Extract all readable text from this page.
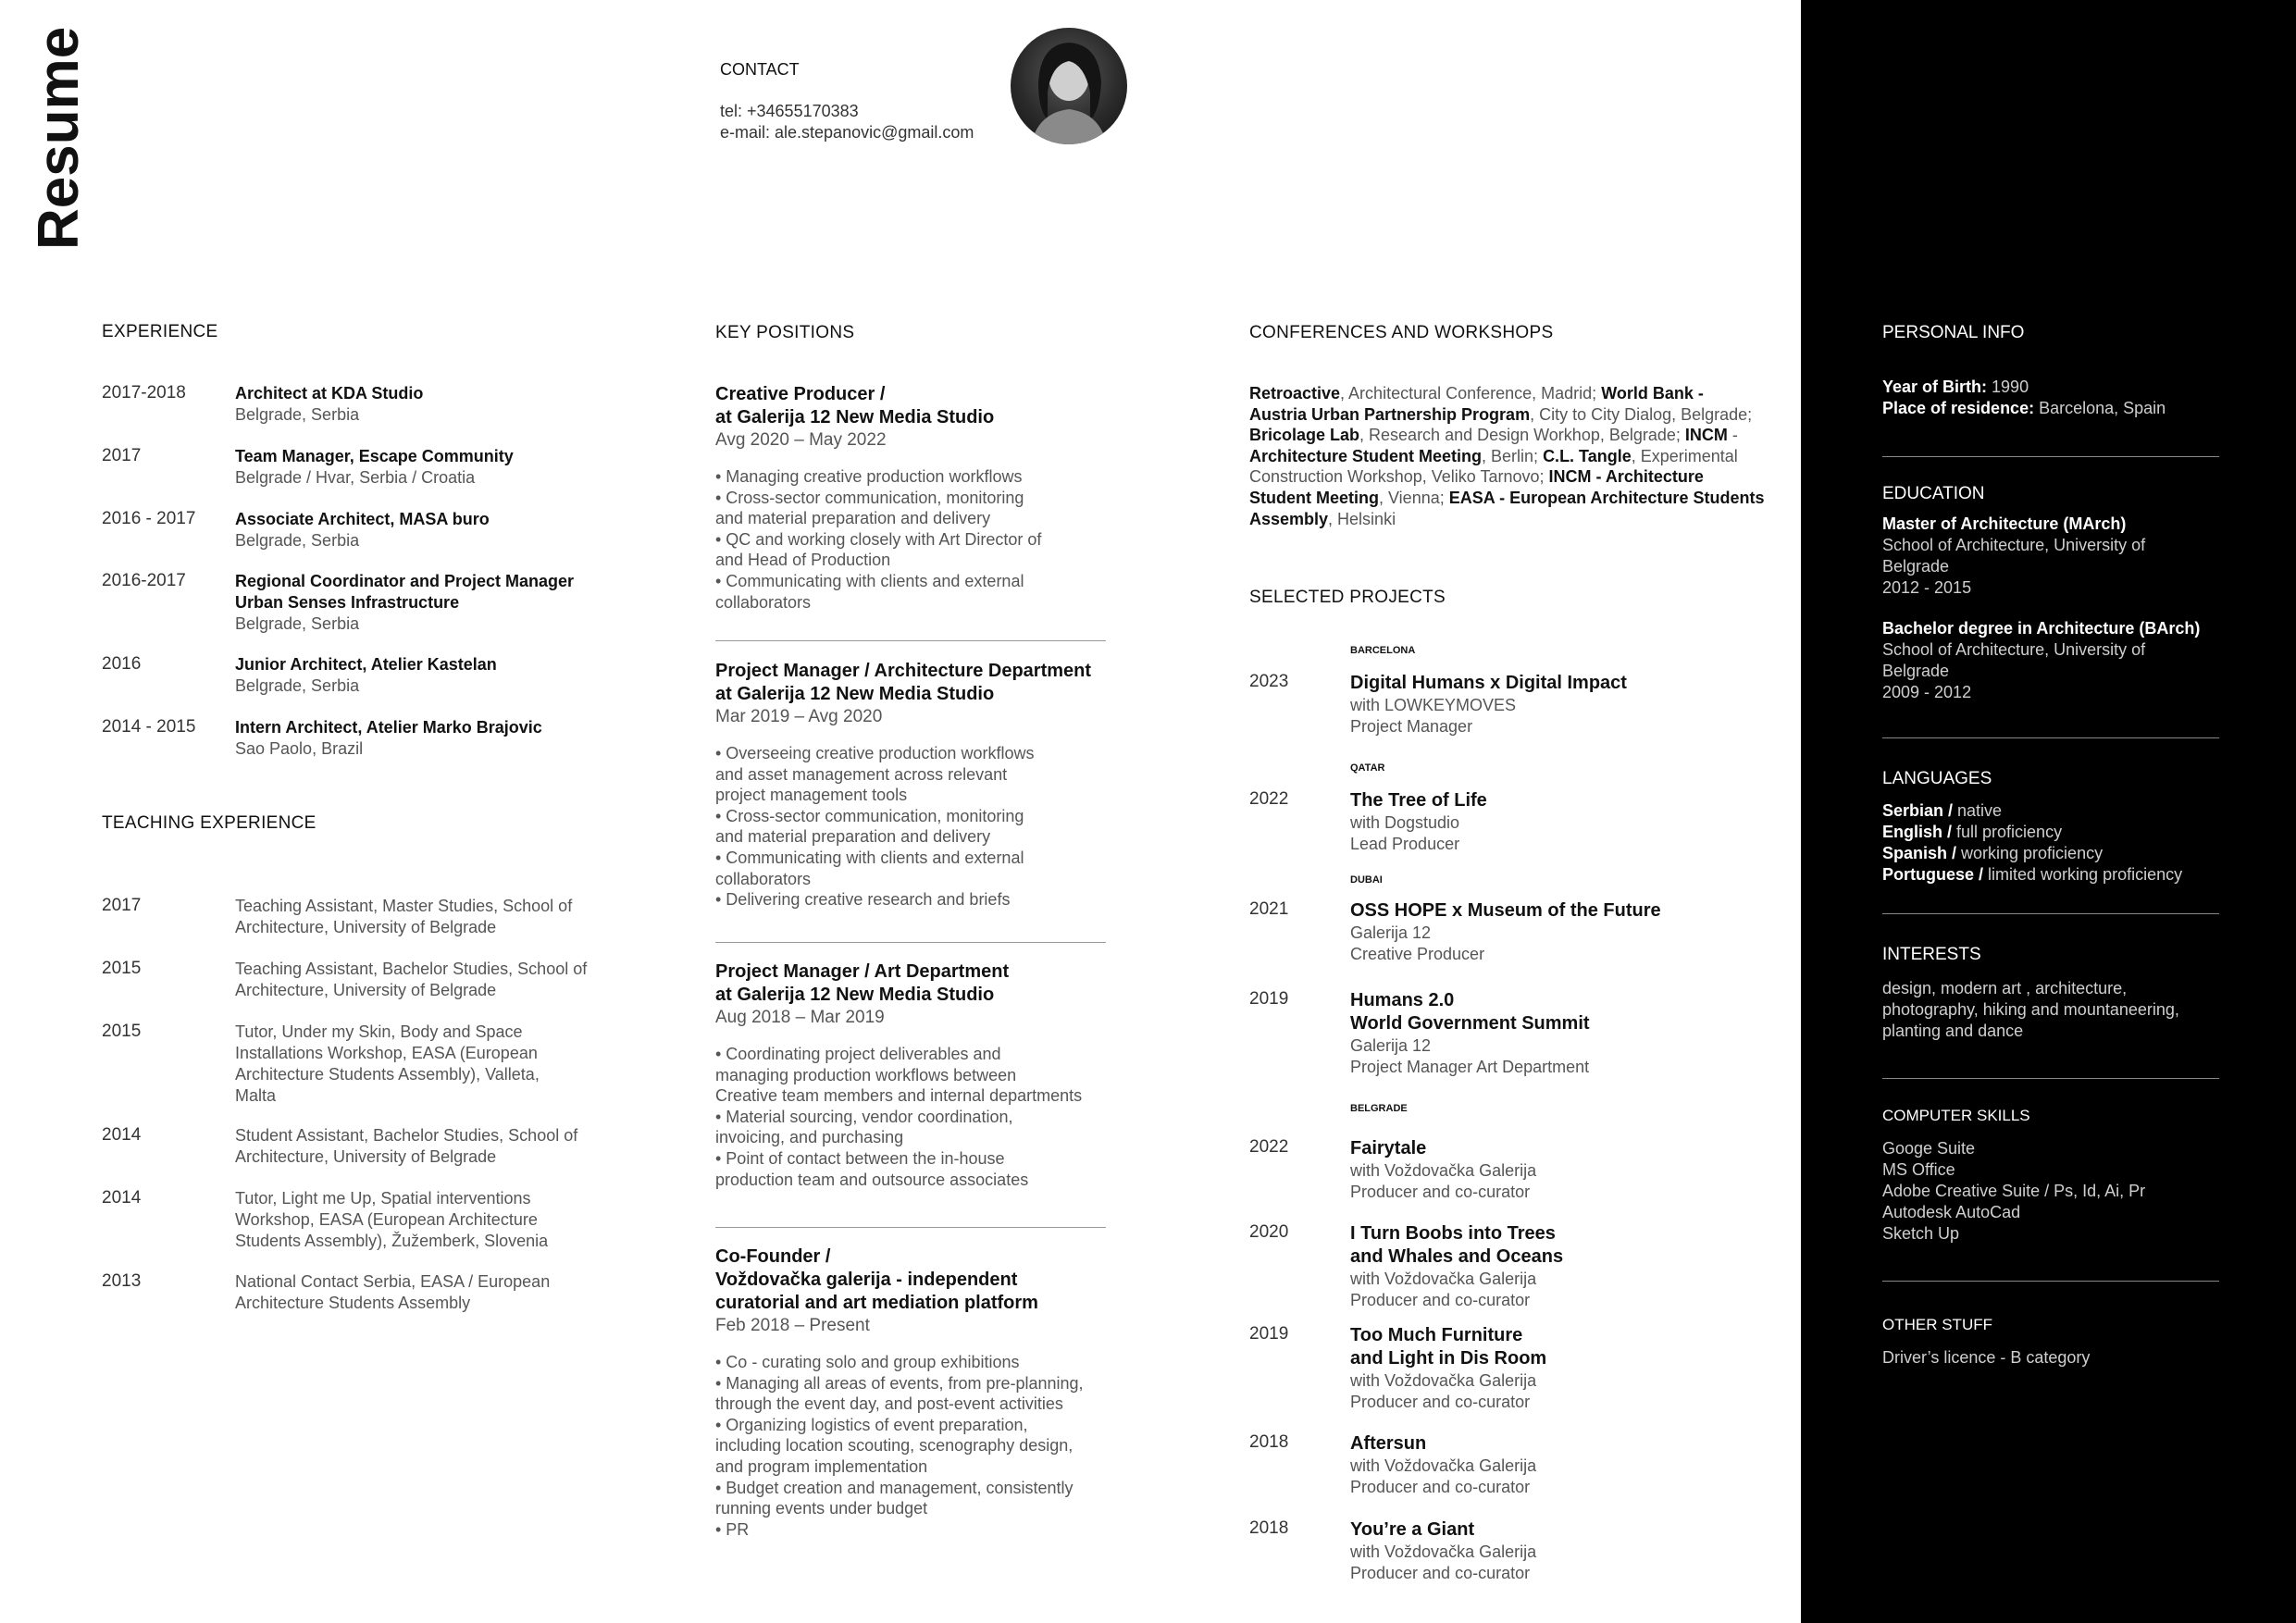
Resume	CONTACT
tel: +34655170383
e-mail: ale.stepanovic@gmail.com
EXPERIENCE
2017-2018	Architect at KDA Studio
Belgrade, Serbia
2017	Team Manager, Escape Community
Belgrade / Hvar, Serbia / Croatia
2016 - 2017	Associate Architect, MASA buro
Belgrade, Serbia
2016-2017	Regional Coordinator and Project Manager
Urban Senses Infrastructure
Belgrade, Serbia
2016	Junior Architect, Atelier Kastelan
Belgrade, Serbia
2014 - 2015	Intern Architect, Atelier Marko Brajovic
Sao Paolo, Brazil
TEACHING EXPERIENCE
2017	Teaching Assistant, Master Studies, School of
Architecture, University of Belgrade
2015	Teaching Assistant, Bachelor Studies, School of
Architecture, University of Belgrade
2015	Tutor, Under my Skin, Body and Space
Installations Workshop, EASA (European
Architecture Students Assembly), Valleta,
Malta
2014	Student Assistant, Bachelor Studies, School of
Architecture, University of Belgrade
2014	Tutor, Light me Up, Spatial interventions
Workshop, EASA (European Architecture
Students Assembly), Žužemberk, Slovenia
2013	National Contact Serbia, EASA / European
Architecture Students Assembly
KEY POSITIONS
Creative Producer /
at Galerija 12 New Media Studio
Avg 2020 – May 2022
• Managing creative production workflows
• Cross-sector communication, monitoring
and material preparation and delivery
• QC and working closely with Art Director of
and Head of Production
• Communicating with clients and external
collaborators
Project Manager / Architecture Department
at Galerija 12 New Media Studio
Mar 2019 – Avg 2020
• Overseeing creative production workflows
and asset management across relevant
project management tools
• Cross-sector communication, monitoring
and material preparation and delivery
• Communicating with clients and external
collaborators
• Delivering creative research and briefs
Project Manager / Art Department
at Galerija 12 New Media Studio
Aug 2018 – Mar 2019
• Coordinating project deliverables and
managing production workflows between
Creative team members and internal departments
• Material sourcing, vendor coordination,
invoicing, and purchasing
• Point of contact between the in-house
production team and outsource associates
Co-Founder /
Voždovačka galerija - independent
curatorial and art mediation platform
Feb 2018 – Present
• Co - curating solo and group exhibitions
• Managing all areas of events, from pre-planning,
through the event day, and post-event activities
• Organizing logistics of event preparation,
including location scouting, scenography design,
and program implementation
• Budget creation and management, consistently
running events under budget
• PR
CONFERENCES AND WORKSHOPS
Retroactive, Architectural Conference, Madrid; World Bank -
Austria Urban Partnership Program, City to City Dialog, Belgrade;
Bricolage Lab, Research and Design Workhop, Belgrade; INCM -
Architecture Student Meeting, Berlin; C.L. Tangle, Experimental
Construction Workshop, Veliko Tarnovo; INCM - Architecture
Student Meeting, Vienna; EASA - European Architecture Students
Assembly, Helsinki
SELECTED PROJECTS
BARCELONA
2023	Digital Humans x Digital Impact
with LOWKEYMOVES
Project Manager
QATAR
2022	The Tree of Life
with Dogstudio
Lead Producer
DUBAI
2021	OSS HOPE x Museum of the Future
Galerija 12
Creative Producer
2019	Humans 2.0
World Government Summit
Galerija 12
Project Manager Art Department
BELGRADE
2022	Fairytale
with Voždovačka Galerija
Producer and co-curator
2020	I Turn Boobs into Trees
and Whales and Oceans
with Voždovačka Galerija
Producer and co-curator
2019	Too Much Furniture
and Light in Dis Room
with Voždovačka Galerija
Producer and co-curator
2018	Aftersun
with Voždovačka Galerija
Producer and co-curator
2018	You’re a Giant
with Voždovačka Galerija
Producer and co-curator
PERSONAL INFO
Year of Birth: 1990
Place of residence: Barcelona, Spain
EDUCATION
Master of Architecture (MArch)
School of Architecture, University of
Belgrade
2012 - 2015
Bachelor degree in Architecture (BArch)
School of Architecture, University of
Belgrade
2009 - 2012
LANGUAGES
Serbian / native
English / full proficiency
Spanish / working proficiency
Portuguese / limited working proficiency
INTERESTS
design, modern art , architecture,
photography, hiking and mountaneering,
planting and dance
COMPUTER SKILLS
Googe Suite
MS Office
Adobe Creative Suite / Ps, Id, Ai, Pr
Autodesk AutoCad
Sketch Up
OTHER STUFF
Driver’s licence - B category
